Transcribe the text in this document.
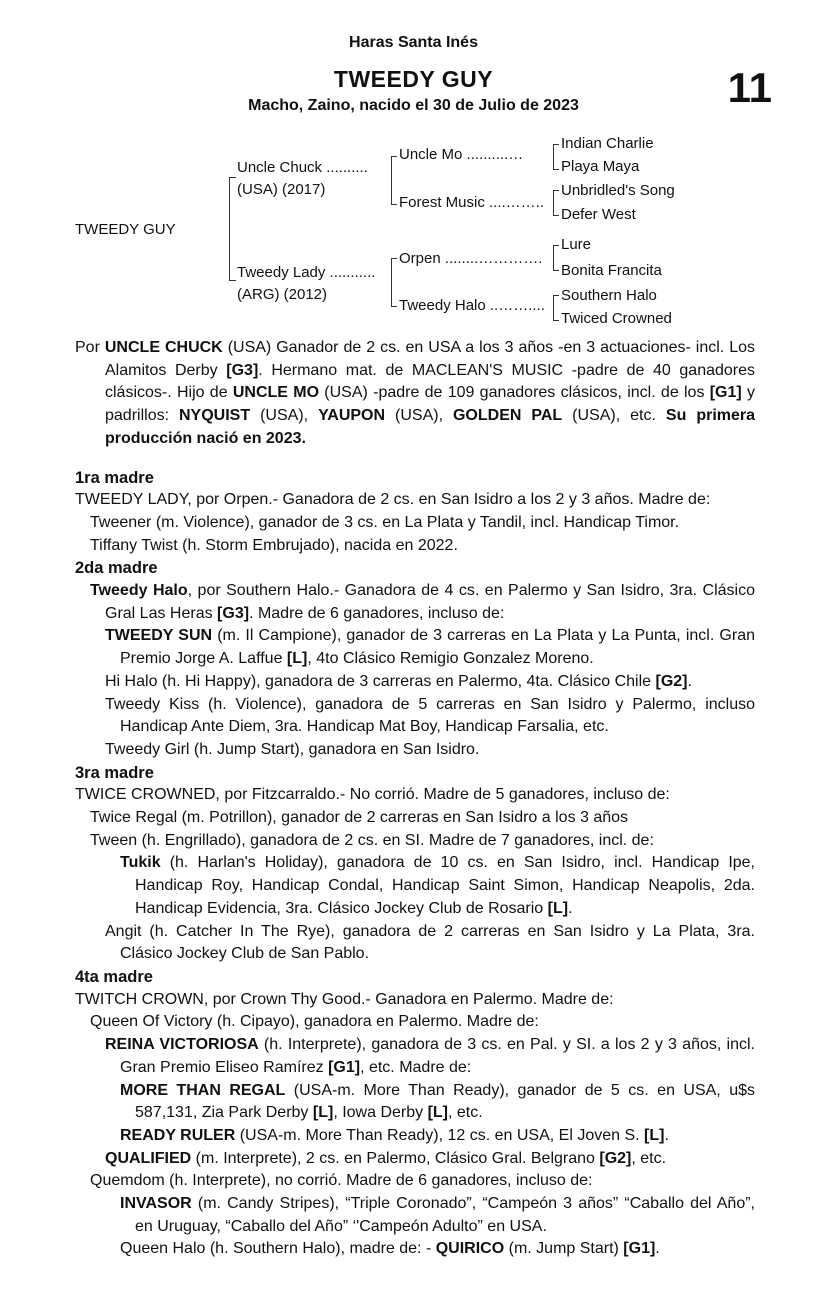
Haras Santa Inés
TWEEDY GUY
Macho, Zaino, nacido el 30 de Julio de 2023	11
TWEEDY GUY
Uncle Chuck ..........
(USA) (2017)
Tweedy Lady ...........
(ARG) (2012)
Uncle Mo ..........…
Forest Music ....……..
Orpen ........………….
Tweedy Halo ..……....
Indian Charlie
Playa Maya
Unbridled's Song
Defer West
Lure
Bonita Francita
Southern Halo
Twiced Crowned

Por UNCLE CHUCK (USA) Ganador de 2 cs. en USA a los 3 años -en 3 actuaciones- incl. Los Alamitos Derby [G3]. Hermano mat. de MACLEAN'S MUSIC -padre de 40 ganadores clásicos-. Hijo de UNCLE MO (USA) -padre de 109 ganadores clásicos, incl. de los [G1] y padrillos: NYQUIST (USA), YAUPON (USA), GOLDEN PAL (USA), etc. Su primera producción nació en 2023.

1ra madre

TWEEDY LADY, por Orpen.- Ganadora de 2 cs. en San Isidro a los 2 y 3 años. Madre de:

Tweener (m. Violence), ganador de 3 cs. en La Plata y Tandil, incl. Handicap Timor.

Tiffany Twist (h. Storm Embrujado), nacida en 2022.

2da madre

Tweedy Halo, por Southern Halo.- Ganadora de 4 cs. en Palermo y San Isidro, 3ra. Clásico Gral Las Heras [G3]. Madre de 6 ganadores, incluso de:

TWEEDY SUN (m. Il Campione), ganador de 3 carreras en La Plata y La Punta, incl. Gran Premio Jorge A. Laffue [L], 4to Clásico Remigio Gonzalez Moreno.

Hi Halo (h. Hi Happy), ganadora de 3 carreras en Palermo, 4ta. Clásico Chile [G2].

Tweedy Kiss (h. Violence), ganadora de 5 carreras en San Isidro y Palermo, incluso Handicap Ante Diem, 3ra. Handicap Mat Boy, Handicap Farsalia, etc.

Tweedy Girl (h. Jump Start), ganadora en San Isidro.

3ra madre

TWICE CROWNED, por Fitzcarraldo.- No corrió. Madre de 5 ganadores, incluso de:

Twice Regal (m. Potrillon), ganador de 2 carreras en San Isidro a los 3 años

Tween (h. Engrillado), ganadora de 2 cs. en SI. Madre de 7 ganadores, incl. de:

Tukik (h. Harlan's Holiday), ganadora de 10 cs. en San Isidro, incl. Handicap Ipe, Handicap Roy, Handicap Condal, Handicap Saint Simon, Handicap Neapolis, 2da. Handicap Evidencia, 3ra. Clásico Jockey Club de Rosario [L].

Angit (h. Catcher In The Rye), ganadora de 2 carreras en San Isidro y La Plata, 3ra. Clásico Jockey Club de San Pablo.

4ta madre

TWITCH CROWN, por Crown Thy Good.- Ganadora en Palermo. Madre de:

Queen Of Victory (h. Cipayo), ganadora en Palermo. Madre de:

REINA VICTORIOSA (h. Interprete), ganadora de 3 cs. en Pal. y SI. a los 2 y 3 años, incl. Gran Premio Eliseo Ramírez [G1], etc. Madre de:

MORE THAN REGAL (USA-m. More Than Ready), ganador de 5 cs. en USA, u$s 587,131, Zia Park Derby [L], Iowa Derby [L], etc.

READY RULER (USA-m. More Than Ready), 12 cs. en USA, El Joven S. [L].

QUALIFIED (m. Interprete), 2 cs. en Palermo, Clásico Gral. Belgrano [G2], etc.

Quemdom (h. Interprete), no corrió. Madre de 6 ganadores, incluso de:

INVASOR (m. Candy Stripes), “Triple Coronado”, “Campeón 3 años” “Caballo del Año”, en Uruguay, “Caballo del Año” ‘'Campeón Adulto” en USA.

Queen Halo (h. Southern Halo), madre de: - QUIRICO (m. Jump Start) [G1].
